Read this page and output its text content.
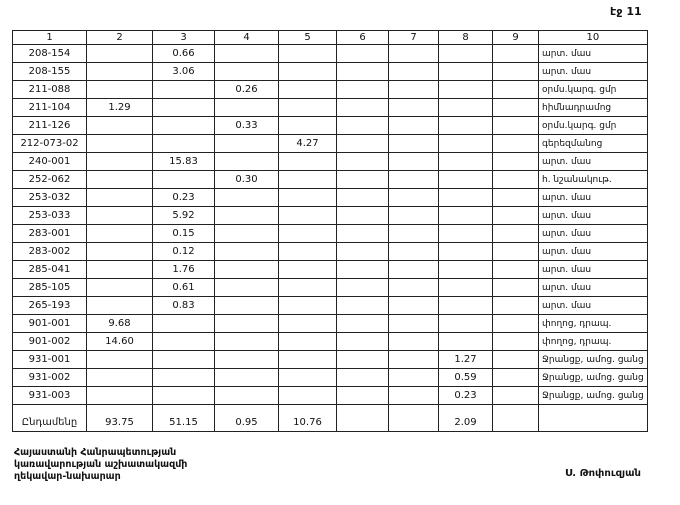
էջ 11
1	2	3	4	5	6	7	8	9	10
208-154		0.66							արտ. մաս
208-155		3.06							արտ. մաս
211-088			0.26						օրմս.կարգ. ցմր
211-104	1.29								հիմնադրամոց
211-126			0.33						օրմս.կարգ. ցմր
212-073-02				4.27					գերեզմանոց
240-001		15.83							արտ. մաս
252-062			0.30						հ. նշանակութ.
253-032		0.23							արտ. մաս
253-033		5.92							արտ. մաս
283-001		0.15							արտ. մաս
283-002		0.12							արտ. մաս
285-041		1.76							արտ. մաս
285-105		0.61							արտ. մաս
265-193		0.83							արտ. մաս
901-001	9.68								փողոց, դրապ.
901-002	14.60								փողոց, դրապ.
931-001							1.27		Ջրանցք, ամոց. ցանց
931-002							0.59		Ջրանցք, ամոց. ցանց
931-003							0.23		Ջրանցք, ամոց. ցանց
Ընդամենը	93.75	51.15	0.95	10.76			2.09		
Հայաստանի Հանրապետության
կառավարության աշխատակազմի
ղեկավար-նախարար	Ս. Թոփուզյան
